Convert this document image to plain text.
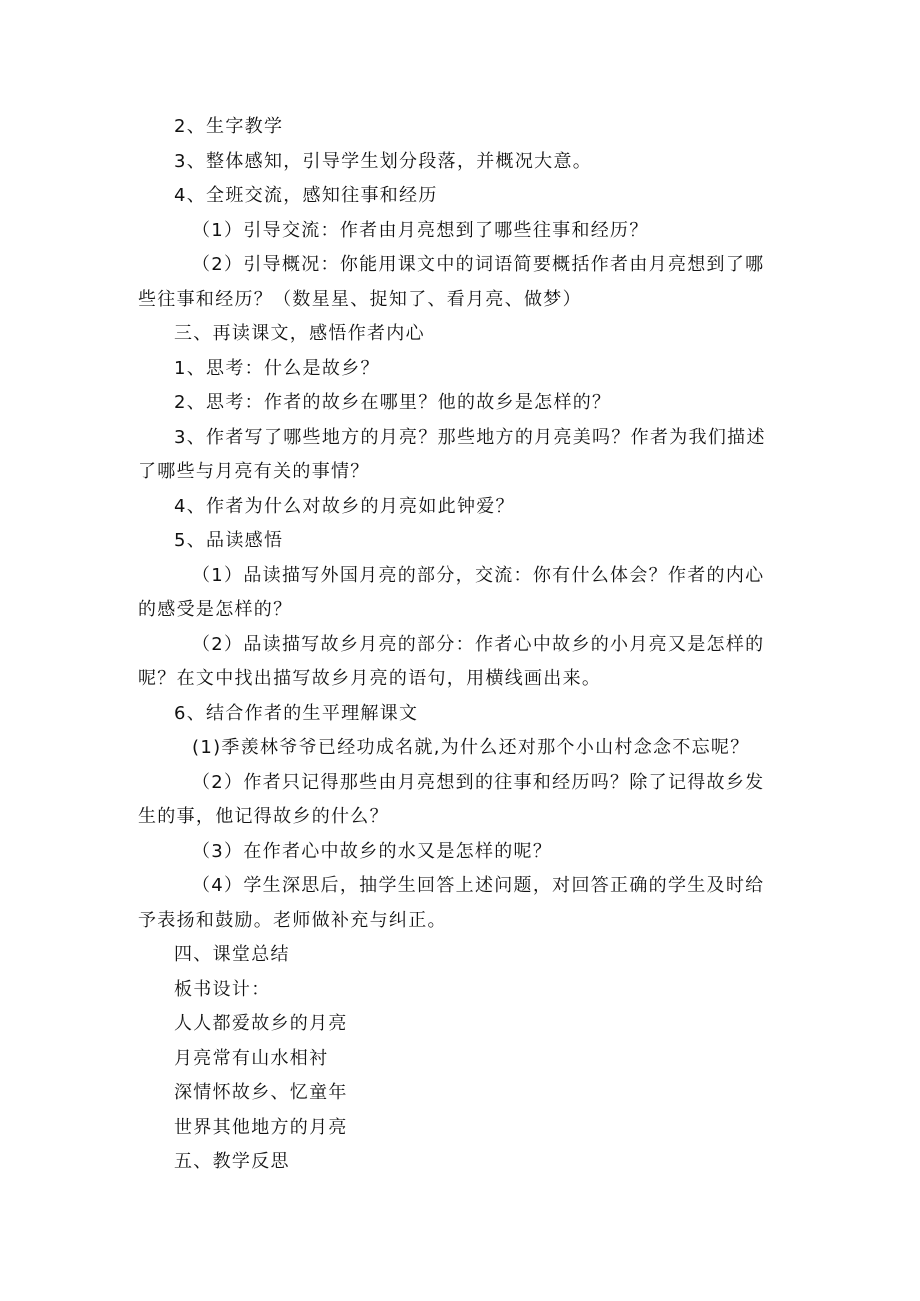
2、生字教学

3、整体感知，引导学生划分段落，并概况大意。

4、全班交流，感知往事和经历

（1）引导交流：作者由月亮想到了哪些往事和经历？

（2）引导概况：你能用课文中的词语简要概括作者由月亮想到了哪些往事和经历？（数星星、捉知了、看月亮、做梦）

三、再读课文，感悟作者内心

1、思考：什么是故乡？

2、思考：作者的故乡在哪里？他的故乡是怎样的？

3、作者写了哪些地方的月亮？那些地方的月亮美吗？作者为我们描述了哪些与月亮有关的事情？

4、作者为什么对故乡的月亮如此钟爱？

5、品读感悟

（1）品读描写外国月亮的部分，交流：你有什么体会？作者的内心的感受是怎样的？

（2）品读描写故乡月亮的部分：作者心中故乡的小月亮又是怎样的呢？在文中找出描写故乡月亮的语句，用横线画出来。

6、结合作者的生平理解课文

(1)季羡林爷爷已经功成名就,为什么还对那个小山村念念不忘呢？

（2）作者只记得那些由月亮想到的往事和经历吗？除了记得故乡发生的事，他记得故乡的什么？

（3）在作者心中故乡的水又是怎样的呢？

（4）学生深思后，抽学生回答上述问题，对回答正确的学生及时给予表扬和鼓励。老师做补充与纠正。

四、课堂总结

板书设计：

人人都爱故乡的月亮

月亮常有山水相衬

深情怀故乡、忆童年

世界其他地方的月亮

五、教学反思
